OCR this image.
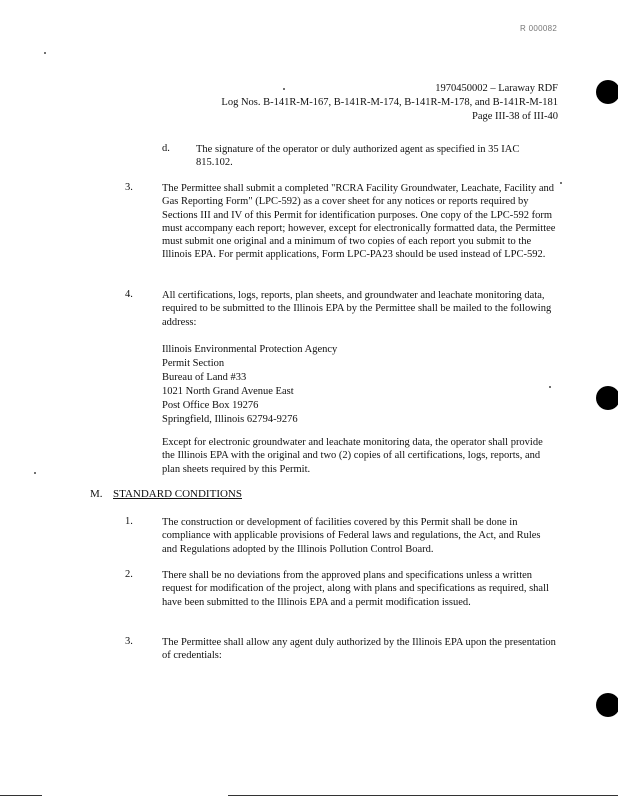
R 000082
1970450002 – Laraway RDF
Log Nos. B-141R-M-167, B-141R-M-174, B-141R-M-178, and B-141R-M-181
Page III-38 of III-40
d. The signature of the operator or duly authorized agent as specified in 35 IAC 815.102.
3.	The Permittee shall submit a completed "RCRA Facility Groundwater, Leachate, Facility and Gas Reporting Form" (LPC-592) as a cover sheet for any notices or reports required by Sections III and IV of this Permit for identification purposes. One copy of the LPC-592 form must accompany each report; however, except for electronically formatted data, the Permittee must submit one original and a minimum of two copies of each report you submit to the Illinois EPA. For permit applications, Form LPC-PA23 should be used instead of LPC-592.
4.	All certifications, logs, reports, plan sheets, and groundwater and leachate monitoring data, required to be submitted to the Illinois EPA by the Permittee shall be mailed to the following address:
Illinois Environmental Protection Agency
Permit Section
Bureau of Land #33
1021 North Grand Avenue East
Post Office Box 19276
Springfield, Illinois 62794-9276
Except for electronic groundwater and leachate monitoring data, the operator shall provide the Illinois EPA with the original and two (2) copies of all certifications, logs, reports, and plan sheets required by this Permit.
M. STANDARD CONDITIONS
1.	The construction or development of facilities covered by this Permit shall be done in compliance with applicable provisions of Federal laws and regulations, the Act, and Rules and Regulations adopted by the Illinois Pollution Control Board.
2.	There shall be no deviations from the approved plans and specifications unless a written request for modification of the project, along with plans and specifications as required, shall have been submitted to the Illinois EPA and a permit modification issued.
3.	The Permittee shall allow any agent duly authorized by the Illinois EPA upon the presentation of credentials:
